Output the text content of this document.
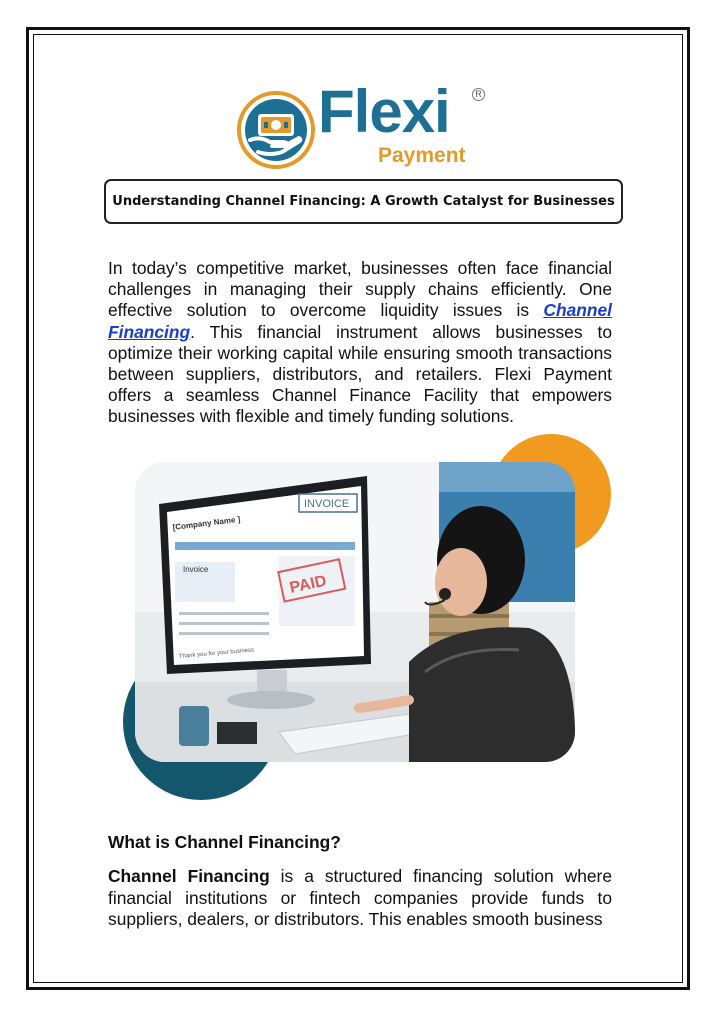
Flexi
Payment
R
Understanding Channel Financing: A Growth Catalyst for Businesses

In today’s competitive market, businesses often face financial challenges in managing their supply chains efficiently. One effective solution to overcome liquidity issues is Channel Financing. This financial instrument allows businesses to optimize their working capital while ensuring smooth transactions between suppliers, distributors, and retailers. Flexi Payment offers a seamless Channel Finance Facility that empowers businesses with flexible and timely funding solutions.

INVOICE
[Company Name ]
Invoice
PAID
Thank you for your business
What is Channel Financing?

Channel Financing is a structured financing solution where financial institutions or fintech companies provide funds to suppliers, dealers, or distributors. This enables smooth business
